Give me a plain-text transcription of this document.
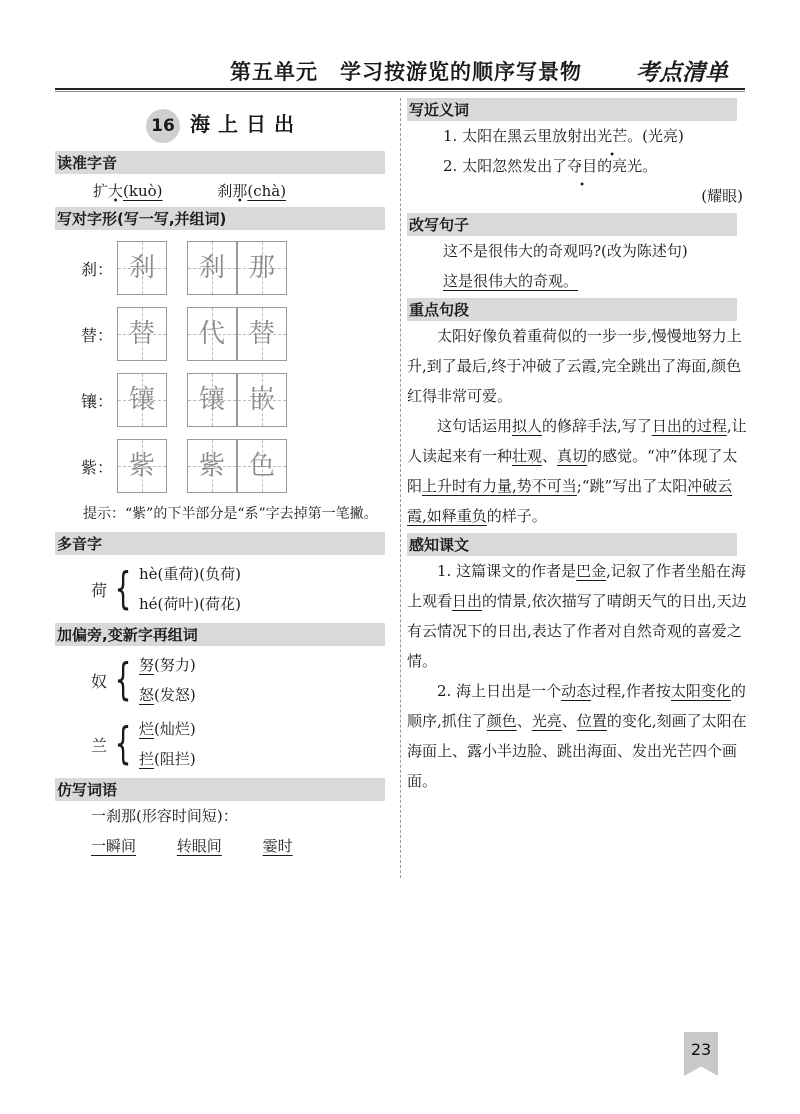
第五单元　学习按游览的顺序写景物 考点清单
16 海上日出
读准字音
扩大(kuò)	刹那(chà)
写对字形(写一写,并组词)
刹： 刹	刹 那
替： 替	代 替
镶： 镶	镶 嵌
紫： 紫	紫 色
提示：“紫”的下半部分是“系”字去掉第一笔撇。
多音字
荷 { hè(重荷)(负荷)
hé(荷叶)(荷花)
加偏旁,变新字再组词
奴 { 努(努力)
怒(发怒)
兰 { 烂(灿烂)
拦(阻拦)
仿写词语
一刹那(形容时间短)：
一瞬间	转眼间	霎时
写近义词
1. 太阳在黑云里放射出光芒。(光亮)
2. 太阳忽然发出了夺目的亮光。
(耀眼)
改写句子
这不是很伟大的奇观吗?(改为陈述句)
这是很伟大的奇观。
重点句段
太阳好像负着重荷似的一步一步,慢慢地努力上升,到了最后,终于冲破了云霞,完全跳出了海面,颜色红得非常可爱。
这句话运用拟人的修辞手法,写了日出的过程,让人读起来有一种壮观、真切的感觉。“冲”体现了太阳上升时有力量,势不可当;“跳”写出了太阳冲破云霞,如释重负的样子。
感知课文
1. 这篇课文的作者是巴金,记叙了作者坐船在海上观看日出的情景,依次描写了晴朗天气的日出,天边有云情况下的日出,表达了作者对自然奇观的喜爱之情。
2. 海上日出是一个动态过程,作者按太阳变化的顺序,抓住了颜色、光亮、位置的变化,刻画了太阳在海面上、露小半边脸、跳出海面、发出光芒四个画面。
23
